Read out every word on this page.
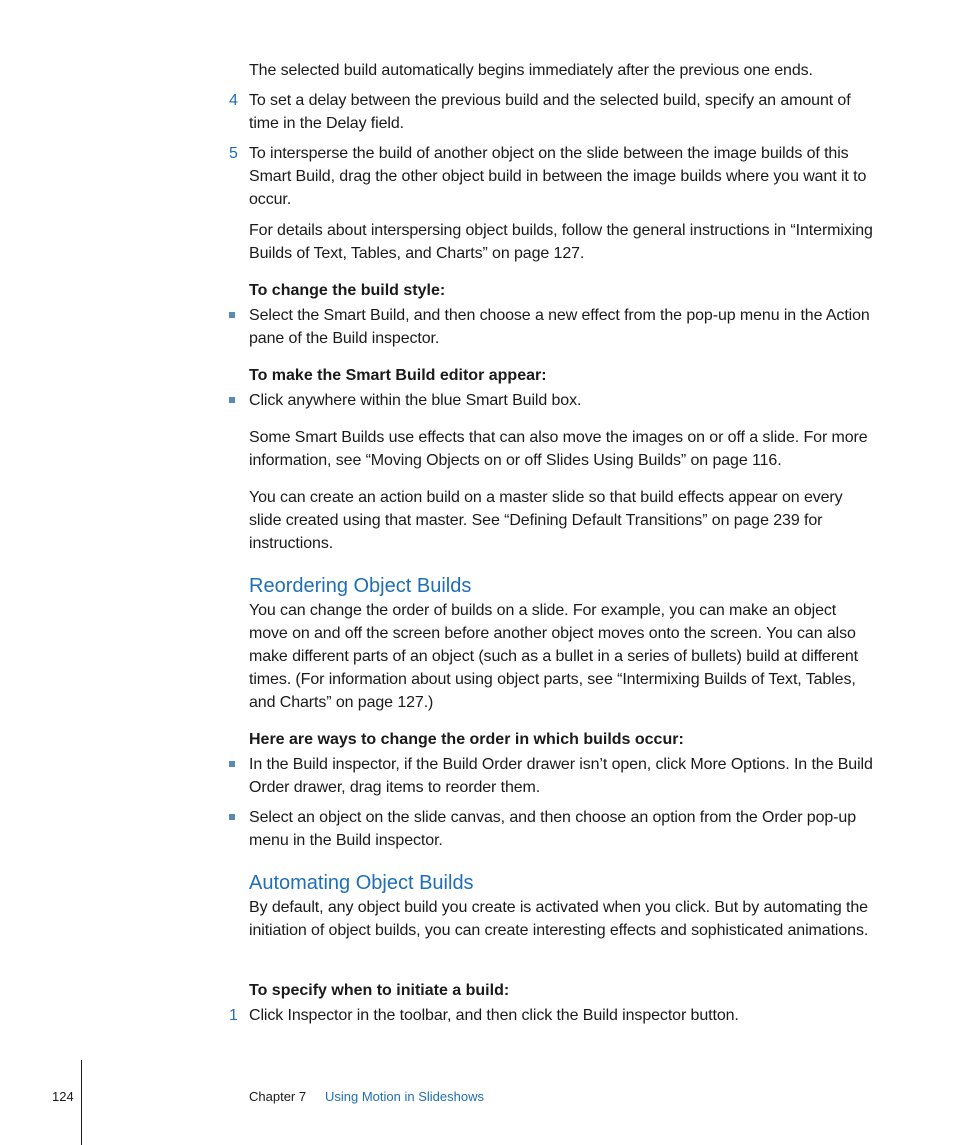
The selected build automatically begins immediately after the previous one ends.
4 To set a delay between the previous build and the selected build, specify an amount of time in the Delay field.
5 To intersperse the build of another object on the slide between the image builds of this Smart Build, drag the other object build in between the image builds where you want it to occur.
For details about interspersing object builds, follow the general instructions in “Intermixing Builds of Text, Tables, and Charts” on page 127.
To change the build style:
Select the Smart Build, and then choose a new effect from the pop-up menu in the Action pane of the Build inspector.
To make the Smart Build editor appear:
Click anywhere within the blue Smart Build box.
Some Smart Builds use effects that can also move the images on or off a slide. For more information, see “Moving Objects on or off Slides Using Builds” on page 116.
You can create an action build on a master slide so that build effects appear on every slide created using that master. See “Defining Default Transitions” on page 239 for instructions.
Reordering Object Builds
You can change the order of builds on a slide. For example, you can make an object move on and off the screen before another object moves onto the screen. You can also make different parts of an object (such as a bullet in a series of bullets) build at different times. (For information about using object parts, see “Intermixing Builds of Text, Tables, and Charts” on page 127.)
Here are ways to change the order in which builds occur:
In the Build inspector, if the Build Order drawer isn’t open, click More Options. In the Build Order drawer, drag items to reorder them.
Select an object on the slide canvas, and then choose an option from the Order pop-up menu in the Build inspector.
Automating Object Builds
By default, any object build you create is activated when you click. But by automating the initiation of object builds, you can create interesting effects and sophisticated animations.
To specify when to initiate a build:
1 Click Inspector in the toolbar, and then click the Build inspector button.
124	Chapter 7 Using Motion in Slideshows
